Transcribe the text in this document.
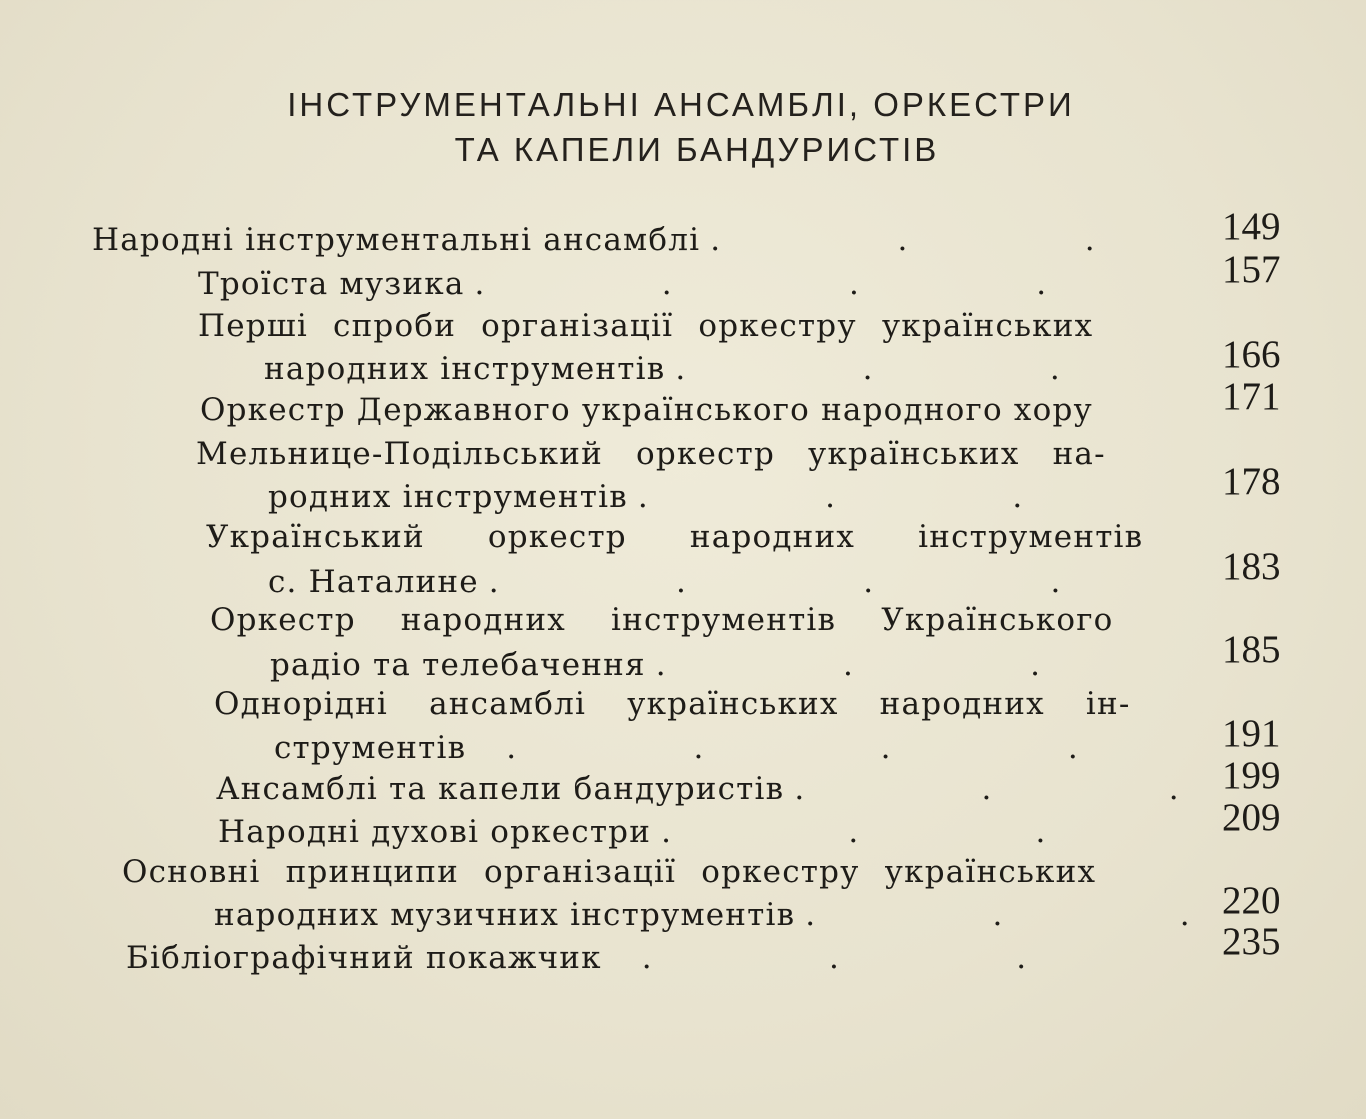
ІНСТРУМЕНТАЛЬНІ АНСАМБЛІ, ОРКЕСТРИ
ТА КАПЕЛИ БАНДУРИСТІВ
Народні інструментальні ансамблі .	149
Троїста музика .	157
Перші спроби організації оркестру українських
народних інструментів .	166
Оркестр Державного українського народного хору	171
Мельнице-Подільський оркестр українських на-
родних інструментів .	178
Український оркестр народних інструментів
с. Наталине .	183
Оркестр народних інструментів Українського
радіо та телебачення .	185
Однорідні ансамблі українських народних ін-
струментів .	191
Ансамблі та капели бандуристів .	199
Народні духові оркестри .	209
Основні принципи організації оркестру українських
народних музичних інструментів .	220
Бібліографічний покажчик .	235
